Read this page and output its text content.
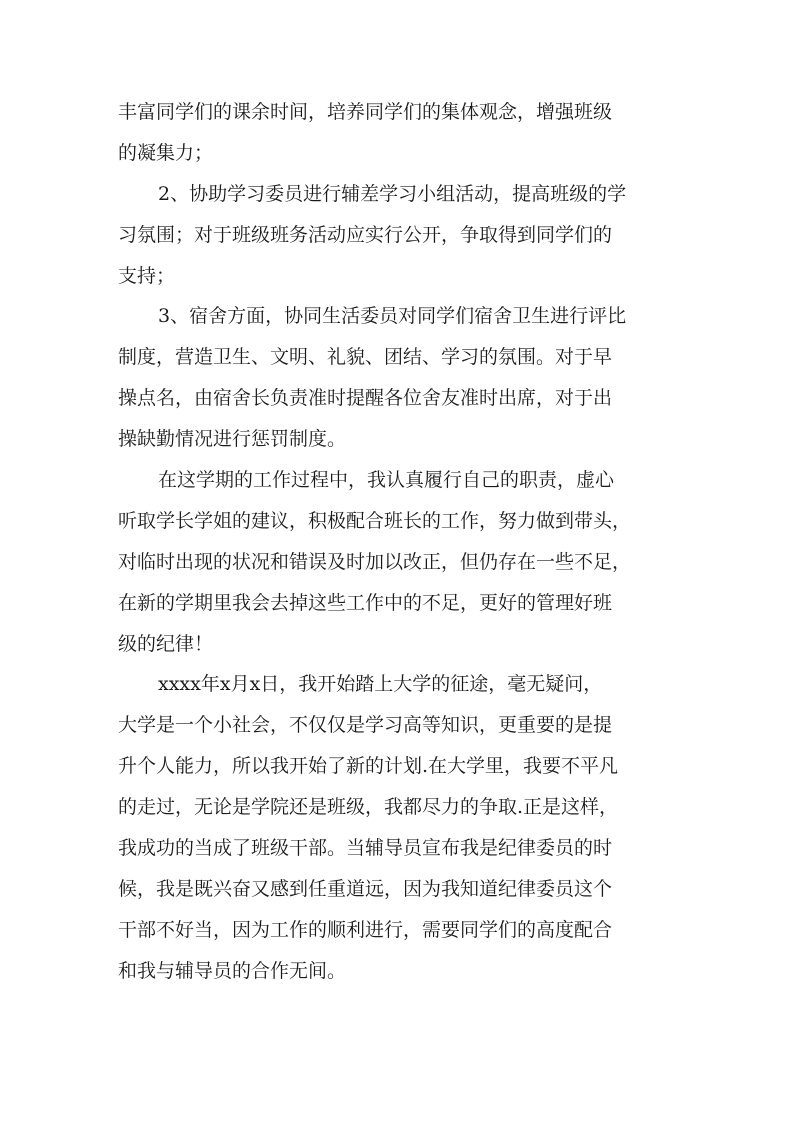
丰富同学们的课余时间，培养同学们的集体观念，增强班级
的凝集力；
2、协助学习委员进行辅差学习小组活动，提高班级的学
习氛围；对于班级班务活动应实行公开，争取得到同学们的
支持；
3、宿舍方面，协同生活委员对同学们宿舍卫生进行评比
制度，营造卫生、文明、礼貌、团结、学习的氛围。对于早
操点名，由宿舍长负责准时提醒各位舍友准时出席，对于出
操缺勤情况进行惩罚制度。
在这学期的工作过程中，我认真履行自己的职责，虚心
听取学长学姐的建议，积极配合班长的工作，努力做到带头，
对临时出现的状况和错误及时加以改正，但仍存在一些不足，
在新的学期里我会去掉这些工作中的不足，更好的管理好班
级的纪律！
xxxx年x月x日，我开始踏上大学的征途，毫无疑问，
大学是一个小社会，不仅仅是学习高等知识，更重要的是提
升个人能力，所以我开始了新的计划.在大学里，我要不平凡
的走过，无论是学院还是班级，我都尽力的争取.正是这样，
我成功的当成了班级干部。当辅导员宣布我是纪律委员的时
候，我是既兴奋又感到任重道远，因为我知道纪律委员这个
干部不好当，因为工作的顺利进行，需要同学们的高度配合
和我与辅导员的合作无间。
